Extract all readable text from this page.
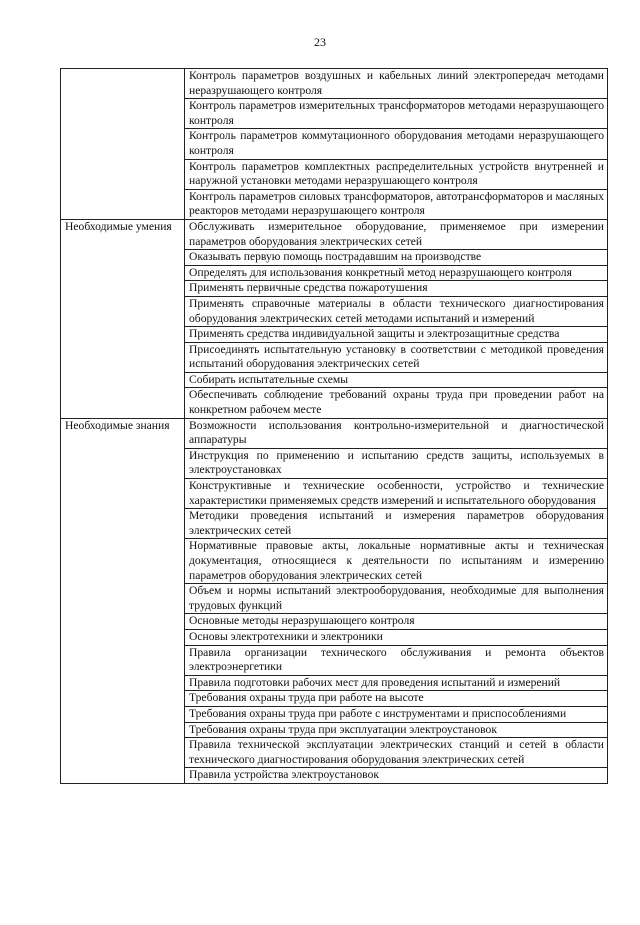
23
	Контроль параметров воздушных и кабельных линий электропередач методами неразрушающего контроля
	Контроль параметров измерительных трансформаторов методами неразрушающего контроля
	Контроль параметров коммутационного оборудования методами неразрушающего контроля
	Контроль параметров комплектных распределительных устройств внутренней и наружной установки методами неразрушающего контроля
	Контроль параметров силовых трансформаторов, автотрансформаторов и масляных реакторов методами неразрушающего контроля
Необходимые умения	Обслуживать измерительное оборудование, применяемое при измерении параметров оборудования электрических сетей
	Оказывать первую помощь пострадавшим на производстве
	Определять для использования конкретный метод неразрушающего контроля
	Применять первичные средства пожаротушения
	Применять справочные материалы в области технического диагностирования оборудования электрических сетей методами испытаний и измерений
	Применять средства индивидуальной защиты и электрозащитные средства
	Присоединять испытательную установку в соответствии с методикой проведения испытаний оборудования электрических сетей
	Собирать испытательные схемы
	Обеспечивать соблюдение требований охраны труда при проведении работ на конкретном рабочем месте
Необходимые знания	Возможности использования контрольно-измерительной и диагностической аппаратуры
	Инструкция по применению и испытанию средств защиты, используемых в электроустановках
	Конструктивные и технические особенности, устройство и технические характеристики применяемых средств измерений и испытательного оборудования
	Методики проведения испытаний и измерения параметров оборудования электрических сетей
	Нормативные правовые акты, локальные нормативные акты и техническая документация, относящиеся к деятельности по испытаниям и измерению параметров оборудования электрических сетей
	Объем и нормы испытаний электрооборудования, необходимые для выполнения трудовых функций
	Основные методы неразрушающего контроля
	Основы электротехники и электроники
	Правила организации технического обслуживания и ремонта объектов электроэнергетики
	Правила подготовки рабочих мест для проведения испытаний и измерений
	Требования охраны труда при работе на высоте
	Требования охраны труда при работе с инструментами и приспособлениями
	Требования охраны труда при эксплуатации электроустановок
	Правила технической эксплуатации электрических станций и сетей в области технического диагностирования оборудования электрических сетей
	Правила устройства электроустановок
